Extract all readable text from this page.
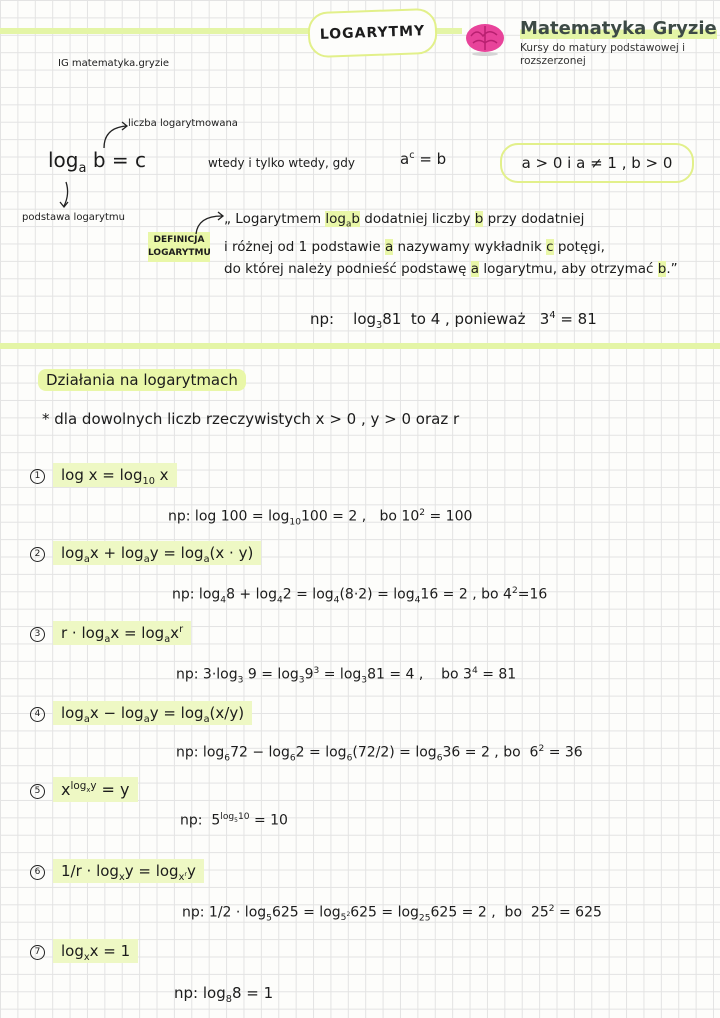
LOGARYTMY
IG matematyka.gryzie
Matematyka Gryzie
Kursy do matury podstawowej i rozszerzonej
liczba logarytmowana
$\log_a b = c$	wtedy i tylko wtedy, gdy	$a^c = b$	a > 0 i a ≠ 1 , b > 0
podstawa logarytmu
DEFINICJA LOGARYTMU
„ Logarytmem $\log_ab$ dodatniej liczby b przy dodatniej
i różnej od 1 podstawie a nazywamy wykładnik c potęgi,
do której należy podnieść podstawę a logarytmu, aby otrzymać b.”
np:    $\log_381$  to 4 , ponieważ   $3^4 = 81$
Działania na logarytmach
* dla dowolnych liczb rzeczywistych x > 0 , y > 0 oraz r
1 $\log x = \log_{10} x$
np: $\log 100 = \log_{10}100 = 2$ ,   bo $10^2 = 100$
2 $\log_ax + \log_ay = \log_a(x \cdot y)$
np: $\log_48 + \log_42 = \log_4(8\cdot 2) = \log_416 = 2$ , bo $4^2=16$
3 $r \cdot \log_ax = \log_ax^r$
np: $3\cdot\log_3$ $9 = \log_39^3 = \log_381 = 4$ ,    bo $3^4 = 81$
4 $\log_ax - \log_ay = \log_a(x/y)$
np: $\log_672 - \log_62 = \log_6(72/2) = \log_636 = 2$ , bo  $6^2 = 36$
5 $x^{log_xy} = y$
np:  $5^{log_510} = 10$
6 $1/r \cdot \log_xy = \log_{x^r}y$
np: $1/2 \cdot \log_5625 = \log_{5^2}625 = \log_{25}625 = 2$ ,  bo  $25^2 = 625$
7 $\log_xx = 1$
np: $\log_88 = 1$
